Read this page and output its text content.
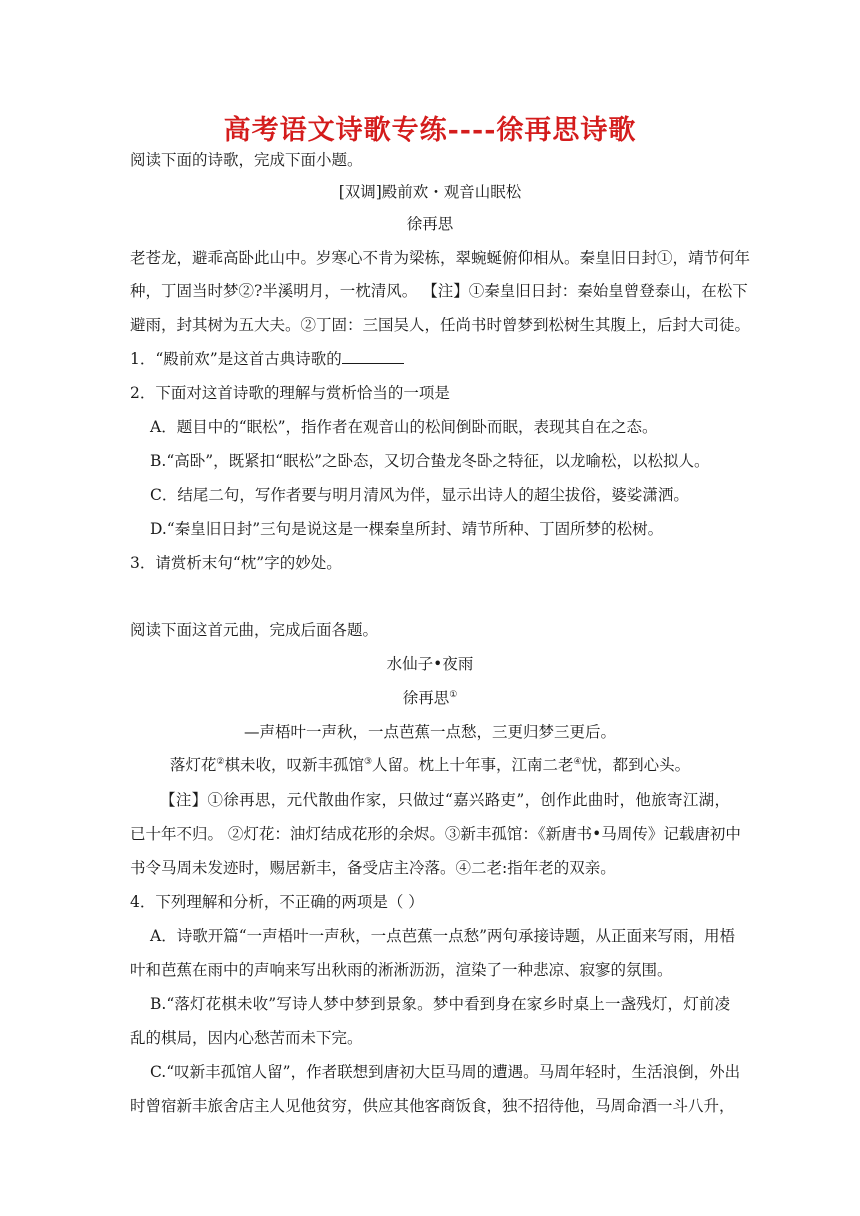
高考语文诗歌专练----徐再思诗歌
阅读下面的诗歌，完成下面小题。
[双调]殿前欢・观音山眠松
徐再思
老苍龙，避乖高卧此山中。岁寒心不肯为梁栋，翠蜿蜒俯仰相从。秦皇旧日封①，靖节何年
种，丁固当时梦②?半溪明月，一枕清风。 【注】①秦皇旧日封：秦始皇曾登泰山，在松下
避雨，封其树为五大夫。②丁固：三国吴人，任尚书时曾梦到松树生其腹上，后封大司徒。
1．“殿前欢”是这首古典诗歌的
2．下面对这首诗歌的理解与赏析恰当的一项是
A．题目中的“眠松”，指作者在观音山的松间倒卧而眠，表现其自在之态。
B.“高卧”，既紧扣“眠松”之卧态，又切合蛰龙冬卧之特征，以龙喻松，以松拟人。
C．结尾二句，写作者要与明月清风为伴，显示出诗人的超尘拔俗，婆娑潇洒。
D.“秦皇旧日封”三句是说这是一棵秦皇所封、靖节所种、丁固所梦的松树。
3．请赏析末句“枕”字的妙处。
阅读下面这首元曲，完成后面各题。
水仙子•夜雨
徐再思①
—声梧叶一声秋，一点芭蕉一点愁，三更归梦三更后。
落灯花②棋未收，叹新丰孤馆③人留。枕上十年事，江南二老④忧，都到心头。
【注】①徐再思，元代散曲作家，只做过“嘉兴路吏”，创作此曲时，他旅寄江湖，
已十年不归。 ②灯花：油灯结成花形的余烬。③新丰孤馆：《新唐书•马周传》记载唐初中
书令马周未发迹时，赐居新丰，备受店主冷落。④二老:指年老的双亲。
4．下列理解和分析，不正确的两项是（ ）
A．诗歌开篇“一声梧叶一声秋，一点芭蕉一点愁”两句承接诗题，从正面来写雨，用梧
叶和芭蕉在雨中的声响来写出秋雨的淅淅沥沥，渲染了一种悲凉、寂寥的氛围。
B.“落灯花棋未收”写诗人梦中梦到景象。梦中看到身在家乡时桌上一盏残灯，灯前凌
乱的棋局，因内心愁苦而未下完。
C.“叹新丰孤馆人留”，作者联想到唐初大臣马周的遭遇。马周年轻时，生活浪倒，外出
时曾宿新丰旅舍店主人见他贫穷，供应其他客商饭食，独不招待他，马周命酒一斗八升，
